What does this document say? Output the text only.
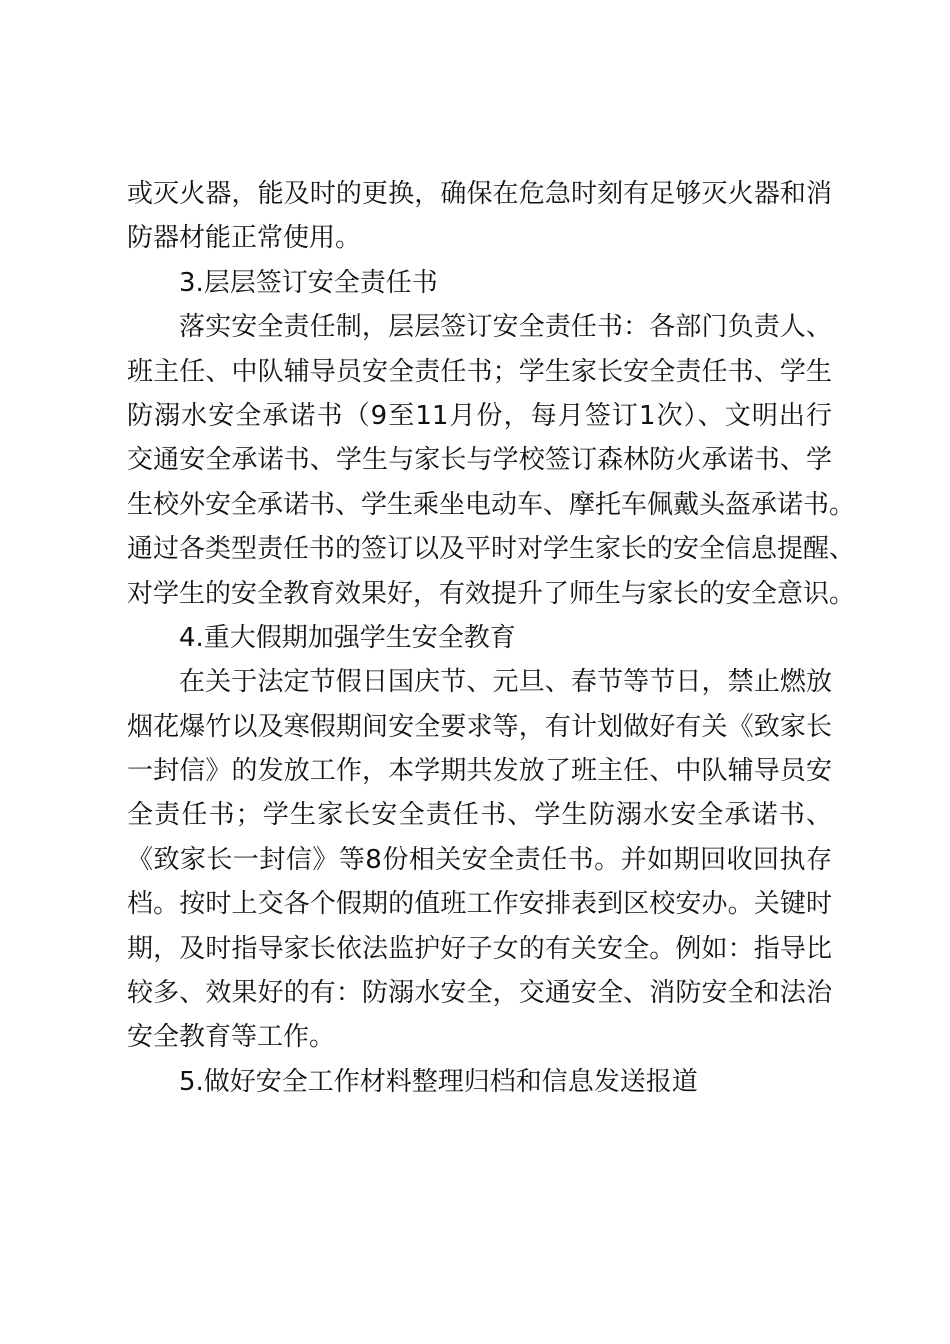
或灭火器，能及时的更换，确保在危急时刻有足够灭火器和消
防器材能正常使用。
3.层层签订安全责任书
落实安全责任制，层层签订安全责任书：各部门负责人、
班主任、中队辅导员安全责任书；学生家长安全责任书、学生
防溺水安全承诺书（9至11月份，每月签订1次）、文明出行
交通安全承诺书、学生与家长与学校签订森林防火承诺书、学
生校外安全承诺书、学生乘坐电动车、摩托车佩戴头盔承诺书。
通过各类型责任书的签订以及平时对学生家长的安全信息提醒、
对学生的安全教育效果好，有效提升了师生与家长的安全意识。
4.重大假期加强学生安全教育
在关于法定节假日国庆节、元旦、春节等节日，禁止燃放
烟花爆竹以及寒假期间安全要求等，有计划做好有关《致家长
一封信》的发放工作，本学期共发放了班主任、中队辅导员安
全责任书；学生家长安全责任书、学生防溺水安全承诺书、
《致家长一封信》等8份相关安全责任书。并如期回收回执存
档。按时上交各个假期的值班工作安排表到区校安办。关键时
期，及时指导家长依法监护好子女的有关安全。例如：指导比
较多、效果好的有：防溺水安全，交通安全、消防安全和法治
安全教育等工作。
5.做好安全工作材料整理归档和信息发送报道
